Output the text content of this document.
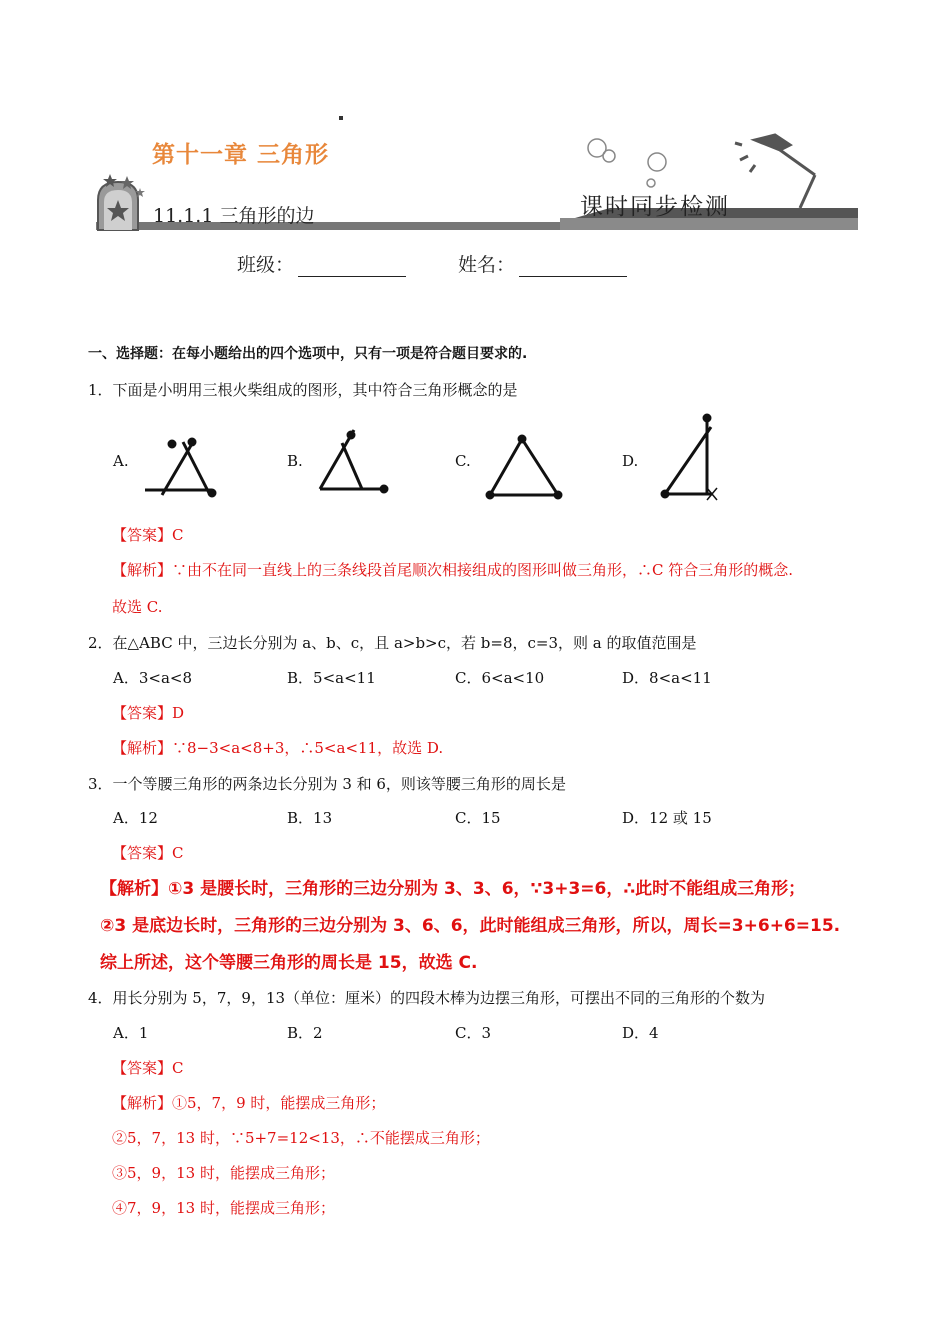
第十一章 三角形
11.1.1 三角形的边	课时同步检测
班级：	姓名：
一、选择题：在每小题给出的四个选项中，只有一项是符合题目要求的.
1．下面是小明用三根火柴组成的图形，其中符合三角形概念的是
A.	B.	C.	D.
【答案】C
【解析】∵由不在同一直线上的三条线段首尾顺次相接组成的图形叫做三角形，∴C 符合三角形的概念.
故选 C.
2．在△ABC 中，三边长分别为 a、b、c，且 a>b>c，若 b=8，c=3，则 a 的取值范围是
A．3<a<8	B．5<a<11	C．6<a<10	D．8<a<11
【答案】D
【解析】∵8−3<a<8+3，∴5<a<11，故选 D.
3．一个等腰三角形的两条边长分别为 3 和 6，则该等腰三角形的周长是
A．12	B．13	C．15	D．12 或 15
【答案】C
【解析】①3 是腰长时，三角形的三边分别为 3、3、6，∵3+3=6，∴此时不能组成三角形；
②3 是底边长时，三角形的三边分别为 3、6、6，此时能组成三角形，所以，周长=3+6+6=15.
综上所述，这个等腰三角形的周长是 15，故选 C.
4．用长分别为 5，7，9，13（单位：厘米）的四段木棒为边摆三角形，可摆出不同的三角形的个数为
A．1	B．2	C．3	D．4
【答案】C
【解析】①5，7，9 时，能摆成三角形；
②5，7，13 时，∵5+7=12<13，∴不能摆成三角形；
③5，9，13 时，能摆成三角形；
④7，9，13 时，能摆成三角形；
